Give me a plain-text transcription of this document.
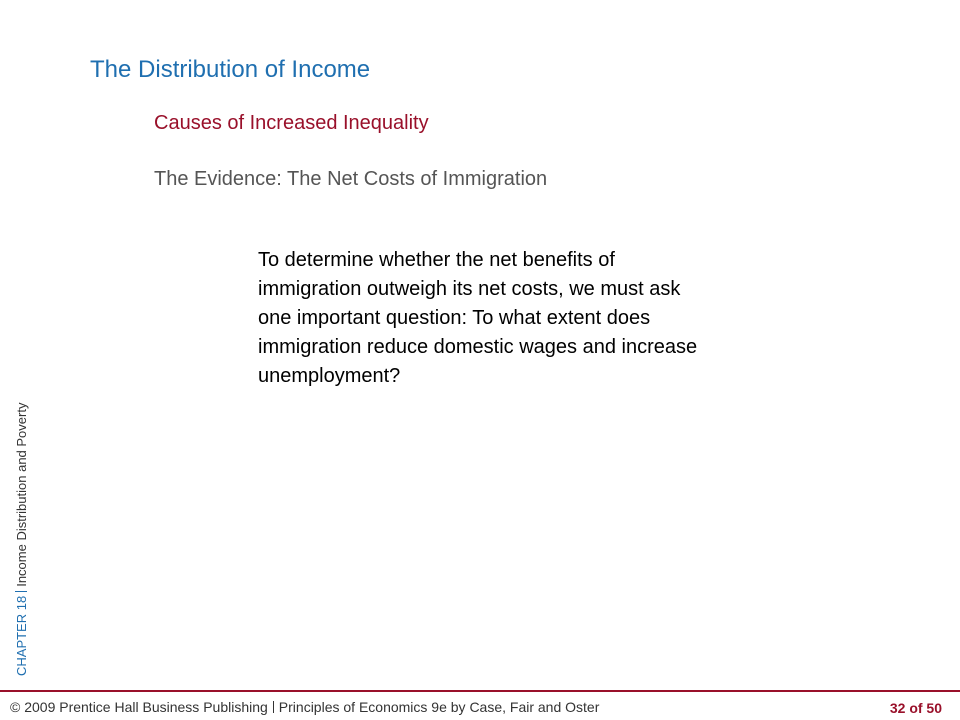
The Distribution of Income
Causes of Increased Inequality
The Evidence: The Net Costs of Immigration

To determine whether the net benefits of
immigration outweigh its net costs, we must ask
one important question: To what extent does
immigration reduce domestic wages and increase
unemployment?

CHAPTER 18Income Distribution and Poverty
© 2009 Prentice Hall Business Publishing Principles of Economics 9e by Case, Fair and Oster	32 of 50
